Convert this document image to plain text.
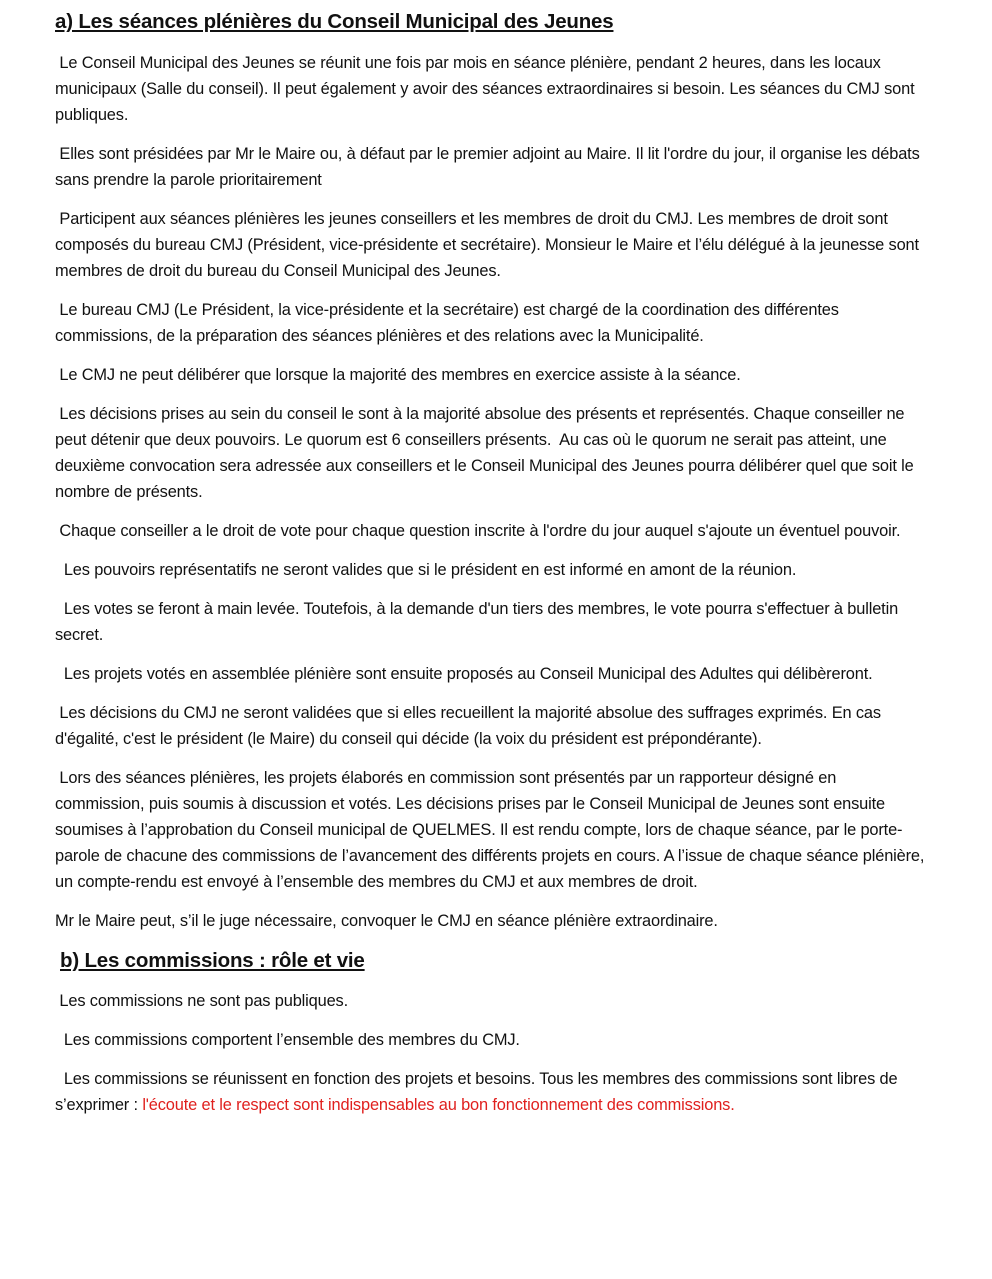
a) Les séances plénières du Conseil Municipal des Jeunes

Le Conseil Municipal des Jeunes se réunit une fois par mois en séance plénière, pendant 2 heures, dans les locaux municipaux (Salle du conseil). Il peut également y avoir des séances extraordinaires si besoin. Les séances du CMJ sont publiques.

Elles sont présidées par Mr le Maire ou, à défaut par le premier adjoint au Maire. Il lit l'ordre du jour, il organise les débats sans prendre la parole prioritairement

Participent aux séances plénières les jeunes conseillers et les membres de droit du CMJ. Les membres de droit sont composés du bureau CMJ (Président, vice-présidente et secrétaire). Monsieur le Maire et l’élu délégué à la jeunesse sont membres de droit du bureau du Conseil Municipal des Jeunes.

Le bureau CMJ (Le Président, la vice-présidente et la secrétaire) est chargé de la coordination des différentes commissions, de la préparation des séances plénières et des relations avec la Municipalité.

Le CMJ ne peut délibérer que lorsque la majorité des membres en exercice assiste à la séance.

Les décisions prises au sein du conseil le sont à la majorité absolue des présents et représentés. Chaque conseiller ne peut détenir que deux pouvoirs. Le quorum est 6 conseillers présents.  Au cas où le quorum ne serait pas atteint, une deuxième convocation sera adressée aux conseillers et le Conseil Municipal des Jeunes pourra délibérer quel que soit le nombre de présents.

Chaque conseiller a le droit de vote pour chaque question inscrite à l'ordre du jour auquel s'ajoute un éventuel pouvoir.

Les pouvoirs représentatifs ne seront valides que si le président en est informé en amont de la réunion.

Les votes se feront à main levée. Toutefois, à la demande d'un tiers des membres, le vote pourra s'effectuer à bulletin secret.

Les projets votés en assemblée plénière sont ensuite proposés au Conseil Municipal des Adultes qui délibèreront.

Les décisions du CMJ ne seront validées que si elles recueillent la majorité absolue des suffrages exprimés. En cas d'égalité, c'est le président (le Maire) du conseil qui décide (la voix du président est prépondérante).

Lors des séances plénières, les projets élaborés en commission sont présentés par un rapporteur désigné en commission, puis soumis à discussion et votés. Les décisions prises par le Conseil Municipal de Jeunes sont ensuite soumises à l’approbation du Conseil municipal de QUELMES. Il est rendu compte, lors de chaque séance, par le porte-parole de chacune des commissions de l’avancement des différents projets en cours. A l’issue de chaque séance plénière, un compte-rendu est envoyé à l’ensemble des membres du CMJ et aux membres de droit.

Mr le Maire peut, s’il le juge nécessaire, convoquer le CMJ en séance plénière extraordinaire.

b) Les commissions : rôle et vie

Les commissions ne sont pas publiques.

Les commissions comportent l’ensemble des membres du CMJ.

Les commissions se réunissent en fonction des projets et besoins. Tous les membres des commissions sont libres de s’exprimer : l'écoute et le respect sont indispensables au bon fonctionnement des commissions.
